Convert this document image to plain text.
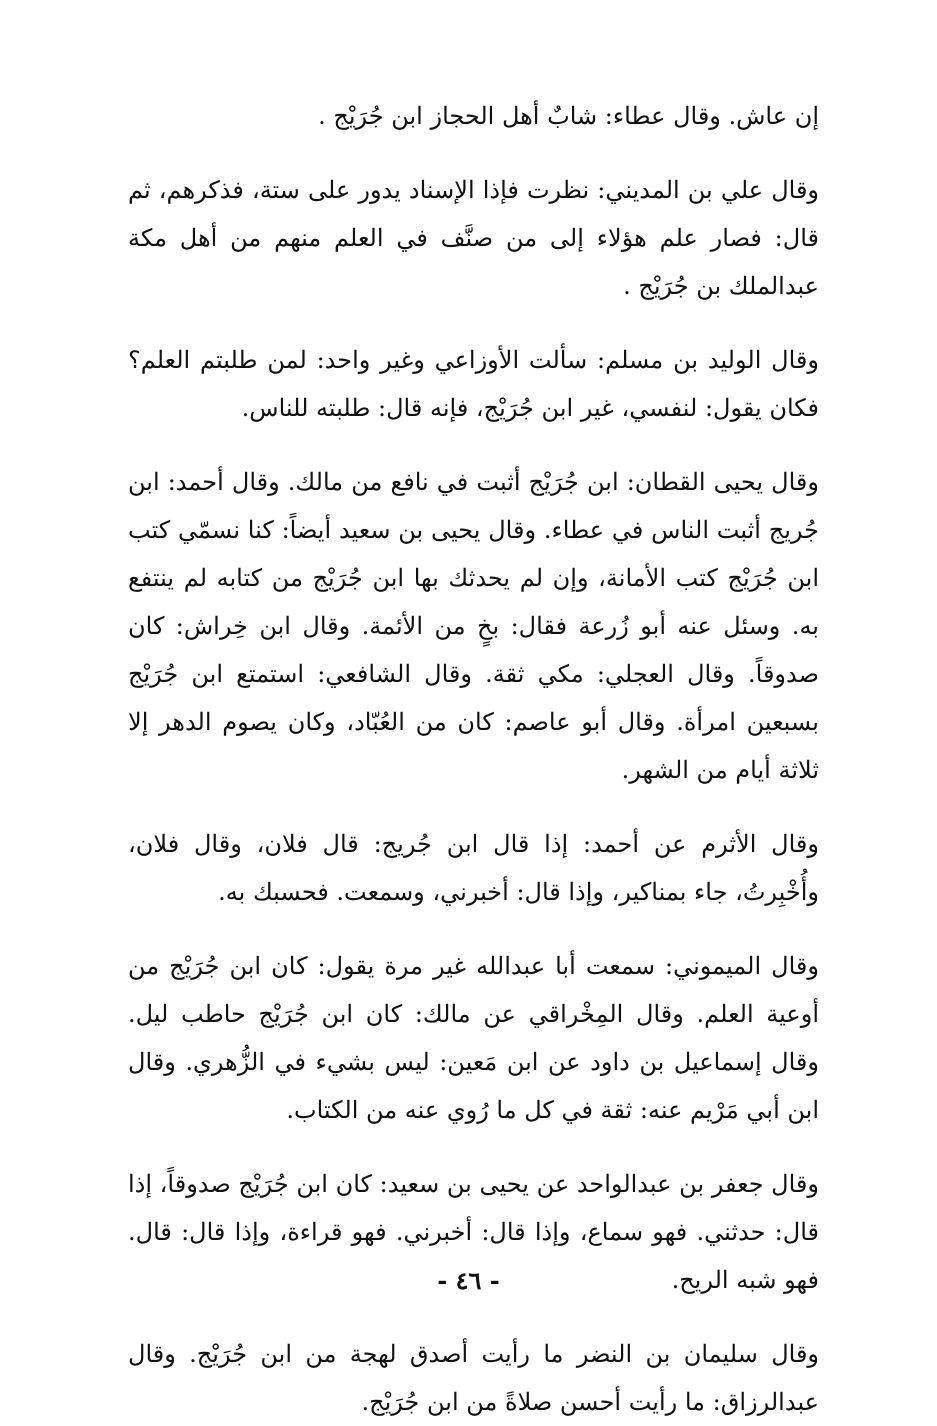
إن عاش. وقال عطاء: شابٌ أهل الحجاز ابن جُرَيْج .

وقال علي بن المديني: نظرت فإذا الإسناد يدور على ستة، فذكرهم، ثم قال: فصار علم هؤلاء إلى من صنَّف في العلم منهم من أهل مكة عبدالملك بن جُرَيْج .

وقال الوليد بن مسلم: سألت الأوزاعي وغير واحد: لمن طلبتم العلم؟ فكان يقول: لنفسي، غير ابن جُرَيْج، فإنه قال: طلبته للناس.

وقال يحيى القطان: ابن جُرَيْج أثبت في نافع من مالك. وقال أحمد: ابن جُريج أثبت الناس في عطاء. وقال يحيى بن سعيد أيضاً: كنا نسمّي كتب ابن جُرَيْج كتب الأمانة، وإن لم يحدثك بها ابن جُرَيْج من كتابه لم ينتفع به. وسئل عنه أبو زُرعة فقال: بخٍ من الأئمة. وقال ابن خِراش: كان صدوقاً. وقال العجلي: مكي ثقة. وقال الشافعي: استمتع ابن جُرَيْج بسبعين امرأة. وقال أبو عاصم: كان من العُبّاد، وكان يصوم الدهر إلا ثلاثة أيام من الشهر.

وقال الأثرم عن أحمد: إذا قال ابن جُريج: قال فلان، وقال فلان، وأُخْبِرتُ، جاء بمناكير، وإذا قال: أخبرني، وسمعت. فحسبك به.

وقال الميموني: سمعت أبا عبدالله غير مرة يقول: كان ابن جُرَيْج من أوعية العلم. وقال المِخْراقي عن مالك: كان ابن جُرَيْج حاطب ليل. وقال إسماعيل بن داود عن ابن مَعين: ليس بشيء في الزُّهري. وقال ابن أبي مَرْيم عنه: ثقة في كل ما رُوي عنه من الكتاب.

وقال جعفر بن عبدالواحد عن يحيى بن سعيد: كان ابن جُرَيْج صدوقاً، إذا قال: حدثني. فهو سماع، وإذا قال: أخبرني. فهو قراءة، وإذا قال: قال. فهو شبه الريح.

وقال سليمان بن النضر ما رأيت أصدق لهجة من ابن جُرَيْج. وقال عبدالرزاق: ما رأيت أحسن صلاةً من ابن جُرَيْج.

- ٤٦ -
